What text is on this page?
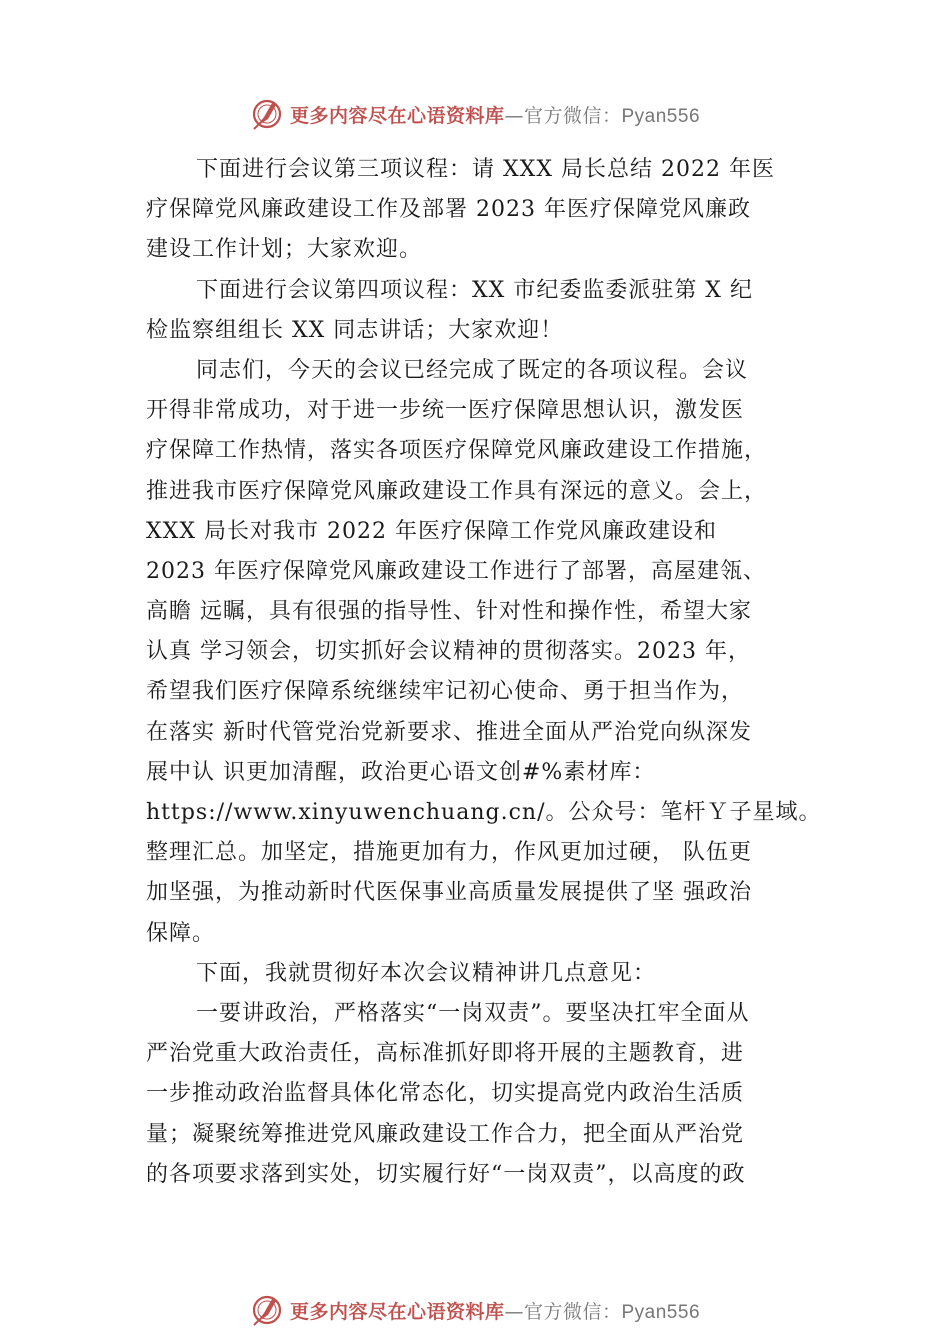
更多内容尽在心语资料库—官方微信：Pyan556
下面进行会议第三项议程：请 XXX 局长总结 2022 年医
疗保障党风廉政建设工作及部署 2023 年医疗保障党风廉政
建设工作计划；大家欢迎。
下面进行会议第四项议程：XX 市纪委监委派驻第 X 纪
检监察组组长 XX 同志讲话；大家欢迎！
同志们，今天的会议已经完成了既定的各项议程。会议
开得非常成功，对于进一步统一医疗保障思想认识，激发医
疗保障工作热情，落实各项医疗保障党风廉政建设工作措施，
推进我市医疗保障党风廉政建设工作具有深远的意义。会上，
XXX 局长对我市 2022 年医疗保障工作党风廉政建设和
2023 年医疗保障党风廉政建设工作进行了部署，高屋建瓴、
高瞻 远瞩，具有很强的指导性、针对性和操作性，希望大家
认真 学习领会，切实抓好会议精神的贯彻落实。2023 年，
希望我们医疗保障系统继续牢记初心使命、勇于担当作为，
在落实 新时代管党治党新要求、推进全面从严治党向纵深发
展中认 识更加清醒，政治更心语文创#%素材库：
https://www.xinyuwenchuang.cn/。公众号：笔杆Ｙ子星域。
整理汇总。加坚定，措施更加有力，作风更加过硬， 队伍更
加坚强，为推动新时代医保事业高质量发展提供了坚 强政治
保障。
下面，我就贯彻好本次会议精神讲几点意见：
一要讲政治，严格落实“一岗双责”。要坚决扛牢全面从
严治党重大政治责任，高标准抓好即将开展的主题教育，进
一步推动政治监督具体化常态化，切实提高党内政治生活质
量；凝聚统筹推进党风廉政建设工作合力，把全面从严治党
的各项要求落到实处，切实履行好“一岗双责”，以高度的政
更多内容尽在心语资料库—官方微信：Pyan556
